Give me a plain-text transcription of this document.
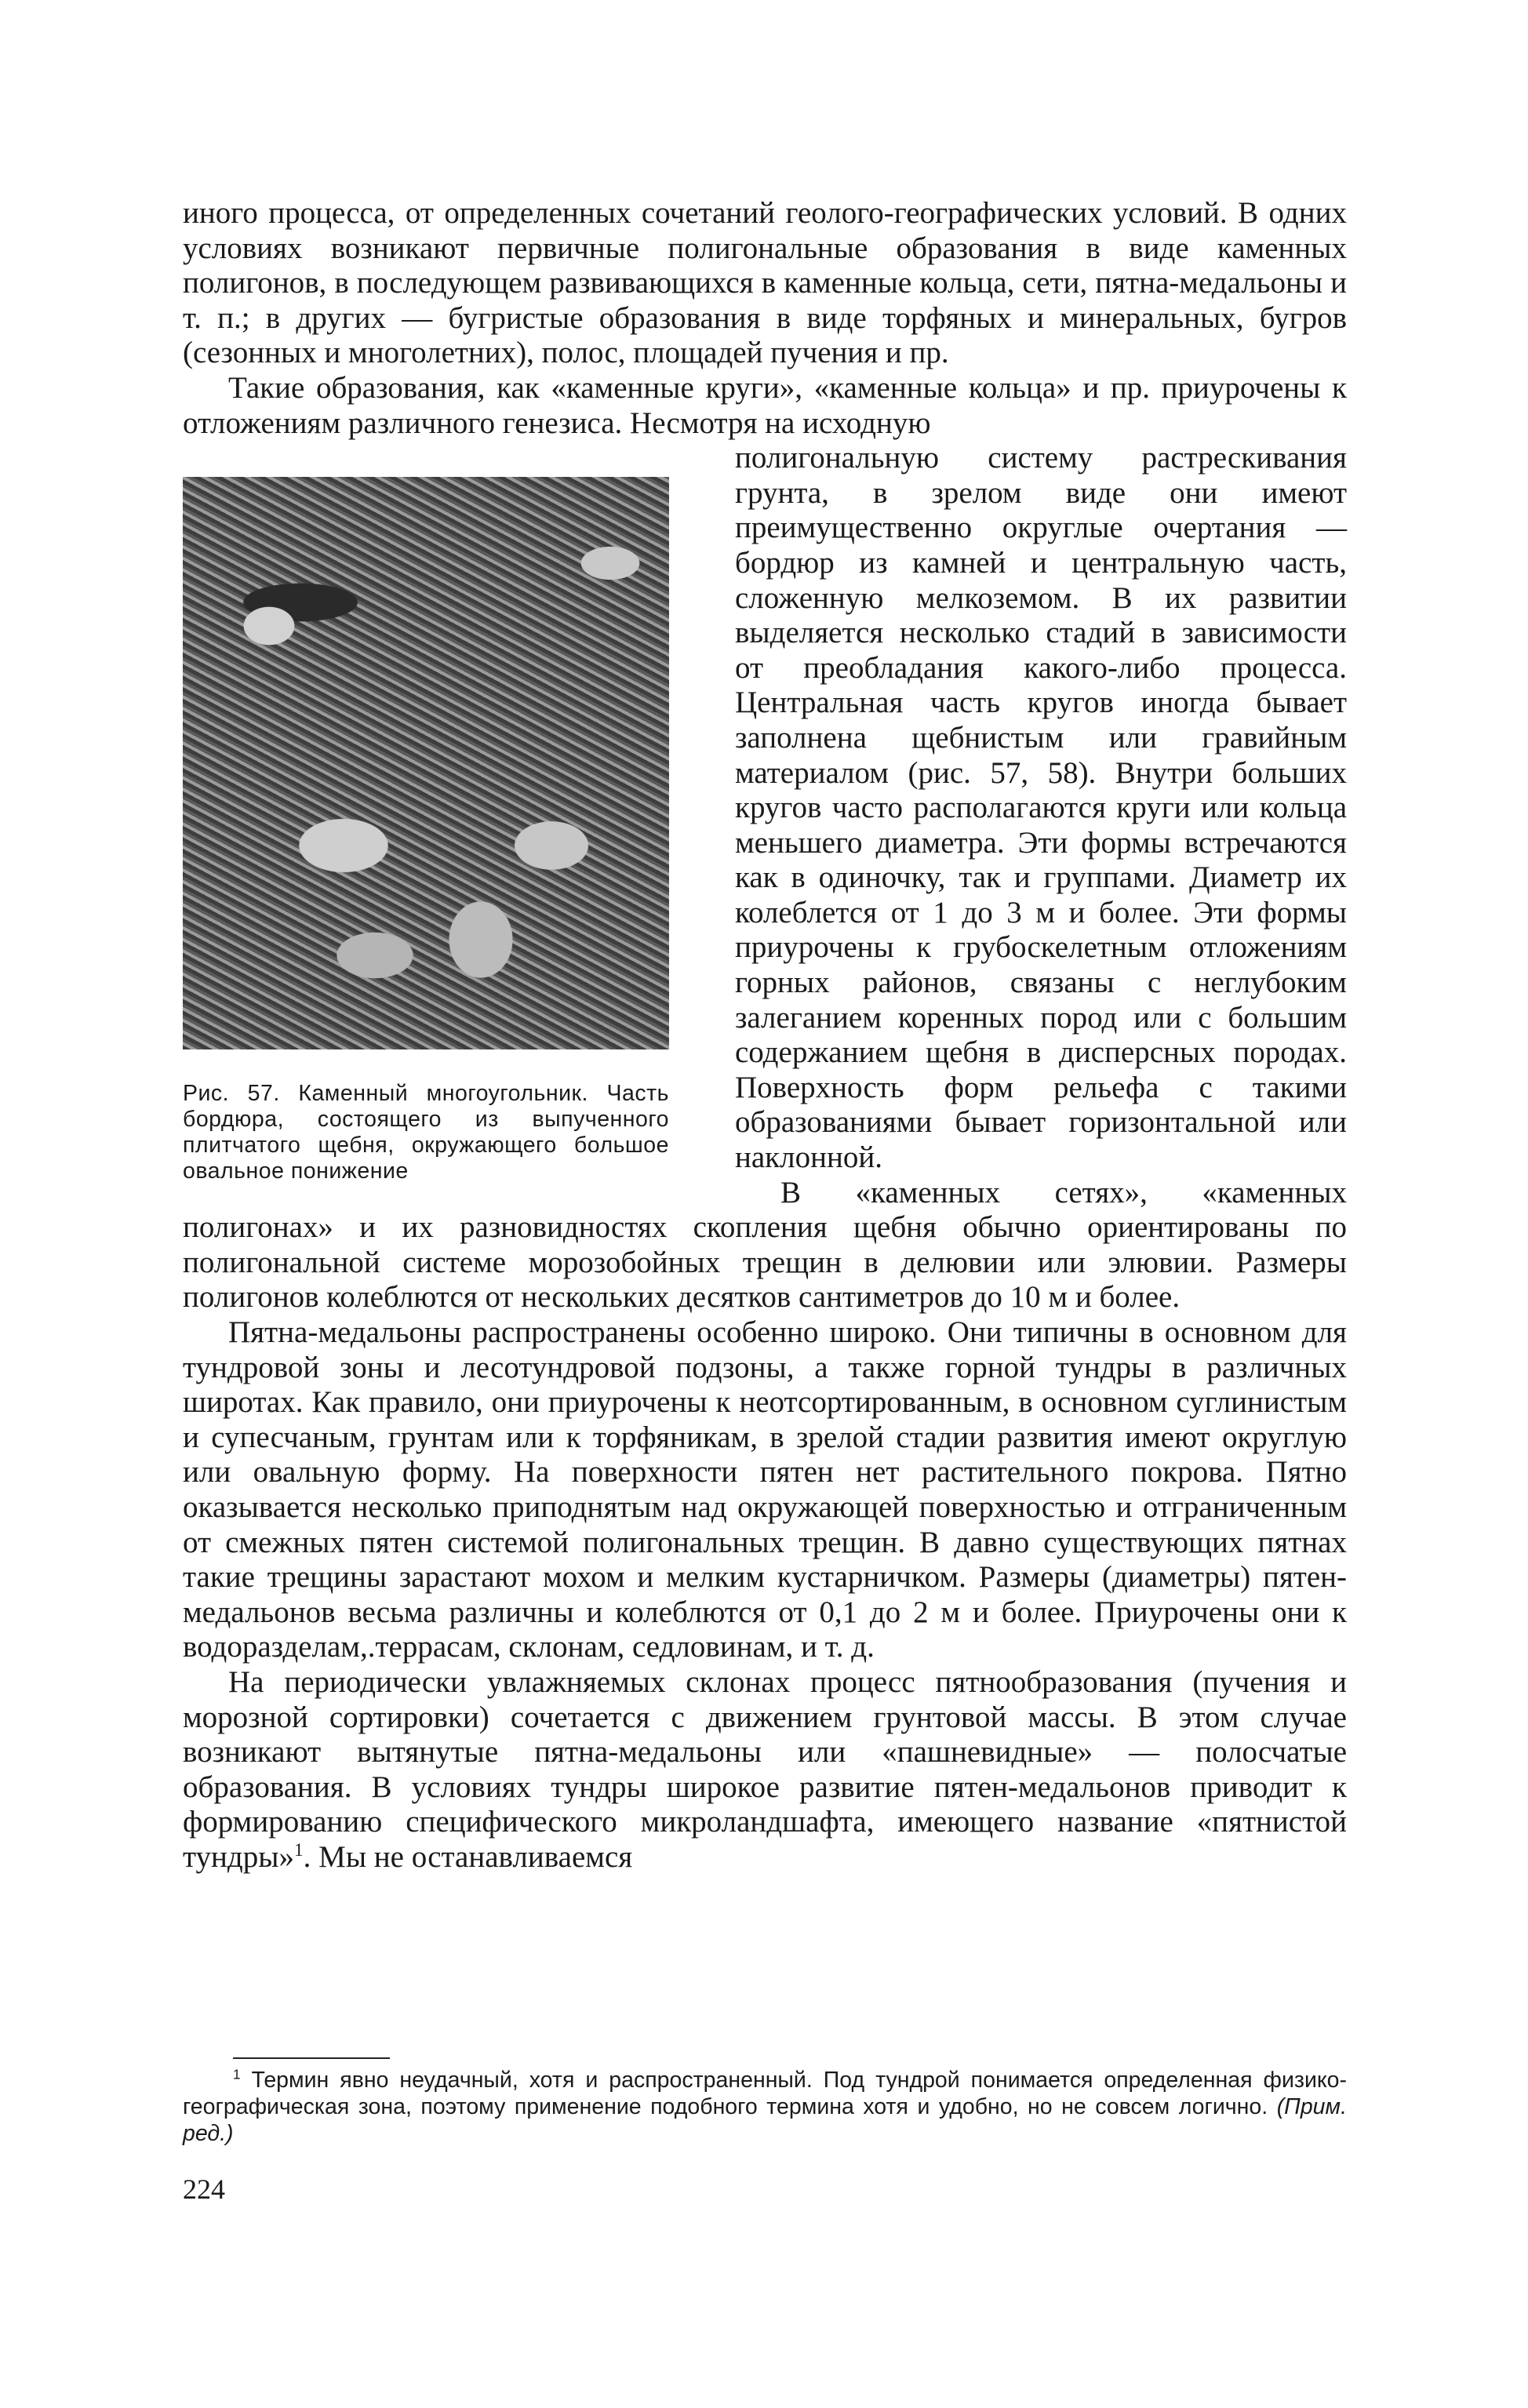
иного процесса, от определенных сочетаний геолого-географических условий. В одних условиях возникают первичные полигональные образования в виде каменных полигонов, в последующем развивающихся в каменные кольца, сети, пятна-медальоны и т. п.; в других — бугристые образования в виде торфяных и минеральных, бугров (сезонных и многолетних), полос, площадей пучения и пр.

Такие образования, как «каменные круги», «каменные кольца» и пр. приурочены к отложениям различного генезиса. Несмотря на исходную

Рис. 57. Каменный многоугольник. Часть бордюра, состоящего из выпученного плитчатого щебня, окружающего большое овальное понижение
полигональную систему растрескивания грунта, в зрелом виде они имеют преимущественно округлые очертания — бордюр из камней и центральную часть, сложенную мелкоземом. В их развитии выделяется несколько стадий в зависимости от преобладания какого-либо процесса. Центральная часть кругов иногда бывает заполнена щебнистым или гравийным материалом (рис. 57, 58). Внутри больших кругов часто располагаются круги или кольца меньшего диаметра. Эти формы встречаются как в одиночку, так и группами. Диаметр их колеблется от 1 до 3 м и более. Эти формы приурочены к грубоскелетным отложениям горных районов, связаны с неглубоким залеганием коренных пород или с большим содержанием щебня в дисперсных породах. Поверхность форм рельефа с такими образованиями бывает горизонтальной или наклонной.

В «каменных сетях», «каменных полигонах» и их разновидностях скопления щебня обычно ориентированы по полигональной системе морозобойных трещин в делювии или элювии. Размеры полигонов колеблются от нескольких десятков сантиметров до 10 м и более.

Пятна-медальоны распространены особенно широко. Они типичны в основном для тундровой зоны и лесотундровой подзоны, а также горной тундры в различных широтах. Как правило, они приурочены к неотсортированным, в основном суглинистым и супесчаным, грунтам или к торфяникам, в зрелой стадии развития имеют округлую или овальную форму. На поверхности пятен нет растительного покрова. Пятно оказывается несколько приподнятым над окружающей поверхностью и отграниченным от смежных пятен системой полигональных трещин. В давно существующих пятнах такие трещины зарастают мохом и мелким кустарничком. Размеры (диаметры) пятен-медальонов весьма различны и колеблются от 0,1 до 2 м и более. Приурочены они к водоразделам,.террасам, склонам, седловинам, и т. д.

На периодически увлажняемых склонах процесс пятнообразования (пучения и морозной сортировки) сочетается с движением грунтовой массы. В этом случае возникают вытянутые пятна-медальоны или «пашневидные» — полосчатые образования. В условиях тундры широкое развитие пятен-медальонов приводит к формированию специфического микроландшафта, имеющего название «пятнистой тундры»$^1$. Мы не останавливаемся

$^1$ Термин явно неудачный, хотя и распространенный. Под тундрой понимается определенная физико-географическая зона, поэтому применение подобного термина хотя и удобно, но не совсем логично. (Прим. ред.)

224
